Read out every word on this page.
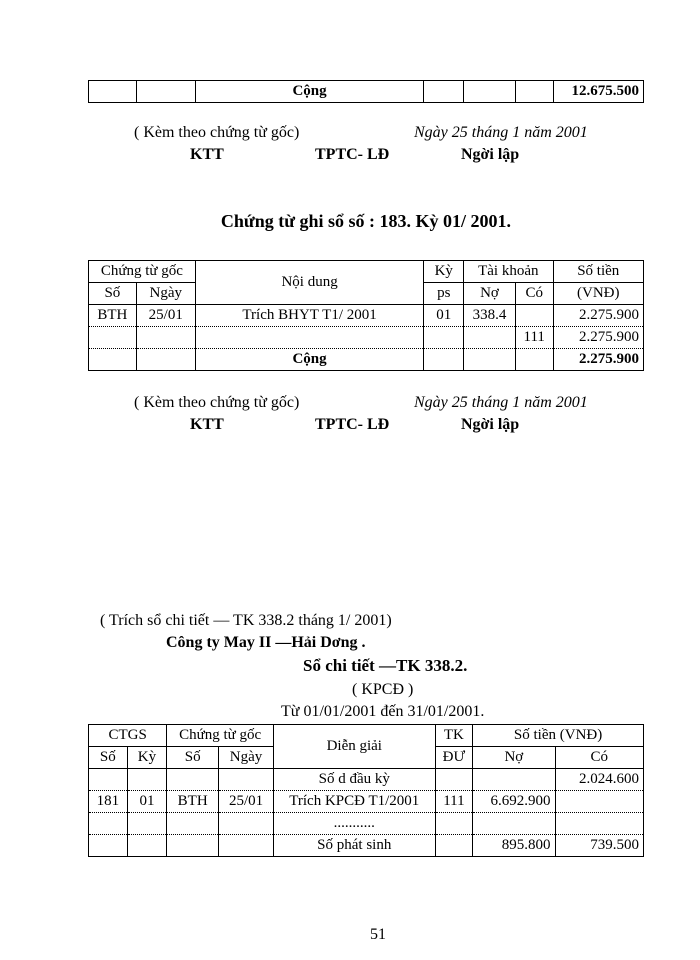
		Cộng				12.675.500
( Kèm theo chứng từ gốc)	Ngày 25 tháng 1 năm 2001
KTT	TPTC- LĐ	Ngời lập
Chứng từ ghi sổ số : 183. Kỳ 01/ 2001.
Chứng từ gốc		Nội dung	Kỳ	Tài khoản		Số tiền
Số	Ngày		ps	Nợ	Có	(VNĐ)
BTH	25/01	Trích BHYT T1/ 2001	01	338.4		2.275.900
					111	2.275.900
		Cộng				2.275.900
( Kèm theo chứng từ gốc)	Ngày 25 tháng 1 năm 2001
KTT	TPTC- LĐ	Ngời lập
( Trích sổ chi tiết — TK 338.2 tháng 1/ 2001)
Công ty May II —Hải Dơng .
Sổ chi tiết —TK 338.2.
( KPCĐ )
Từ 01/01/2001 đến 31/01/2001.
CTGS		Chứng từ gốc		Diễn giải	TK	Số tiền (VNĐ)	
Số	Kỳ	Số	Ngày		ĐƯ	Nợ	Có
				Số d đầu kỳ			2.024.600
181	01	BTH	25/01	Trích KPCĐ T1/2001	111	6.692.900	
				...........			
				Số phát sinh		895.800	739.500
51
